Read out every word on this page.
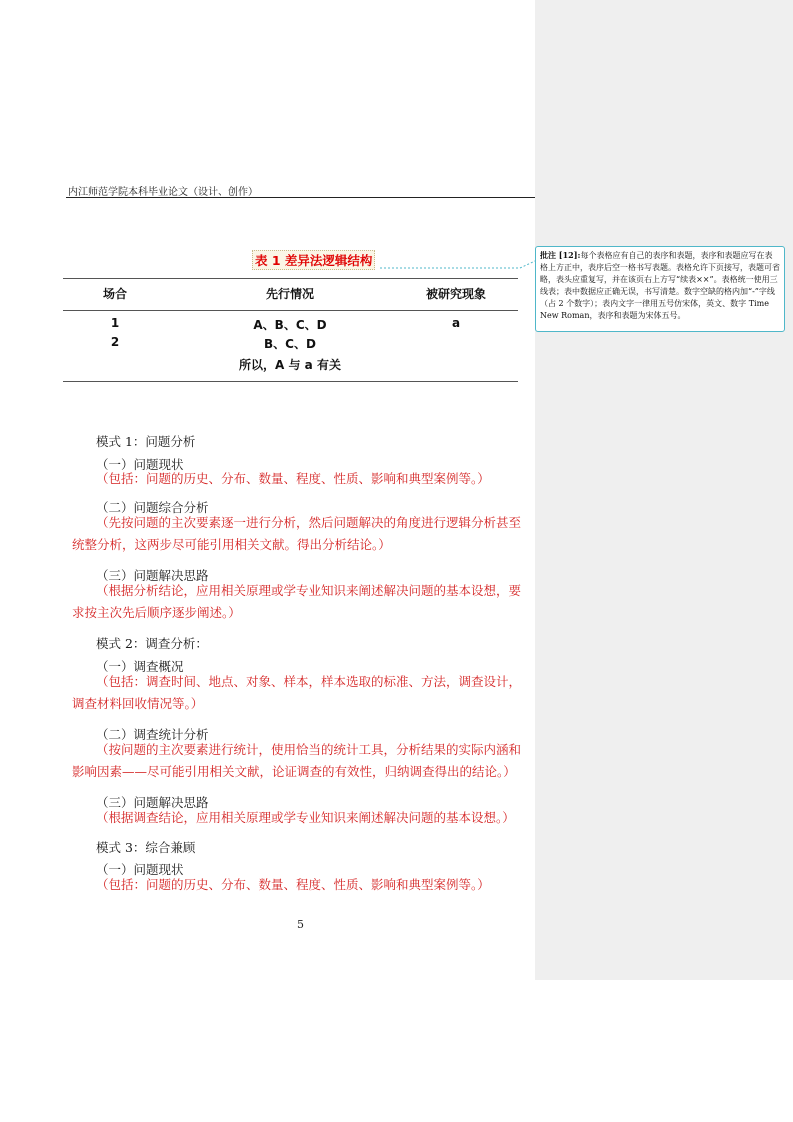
内江师范学院本科毕业论文（设计、创作）
表 1 差异法逻辑结构
场合	先行情况	被研究现象
1	A、B、C、D	a
2	B、C、D
所以，A 与 a 有关
模式 1：问题分析
（一）问题现状
（包括：问题的历史、分布、数量、程度、性质、影响和典型案例等。）
（二）问题综合分析
（先按问题的主次要素逐一进行分析，然后问题解决的角度进行逻辑分析甚至统整分析，这两步尽可能引用相关文献。得出分析结论。）
（三）问题解决思路
（根据分析结论，应用相关原理或学专业知识来阐述解决问题的基本设想，要求按主次先后顺序逐步阐述。）
模式 2：调查分析：
（一）调查概况
（包括：调查时间、地点、对象、样本，样本选取的标准、方法，调查设计，调查材料回收情况等。）
（二）调查统计分析
（按问题的主次要素进行统计，使用恰当的统计工具，分析结果的实际内涵和影响因素——尽可能引用相关文献，论证调查的有效性，归纳调查得出的结论。）
（三）问题解决思路
（根据调查结论，应用相关原理或学专业知识来阐述解决问题的基本设想。）
模式 3：综合兼顾
（一）问题现状
（包括：问题的历史、分布、数量、程度、性质、影响和典型案例等。）
5
批注 [12]:每个表格应有自己的表序和表题，表序和表题应写在表格上方正中，表序后空一格书写表题。表格允许下页接写，表题可省略，表头应重复写，并在该页右上方写“续表××”。表格统一使用三线表；表中数据应正确无误，书写清楚。数字空缺的格内加“-”字线（占 2 个数字）；表内文字一律用五号仿宋体，英文、数字 Time New Roman，表序和表题为宋体五号。
